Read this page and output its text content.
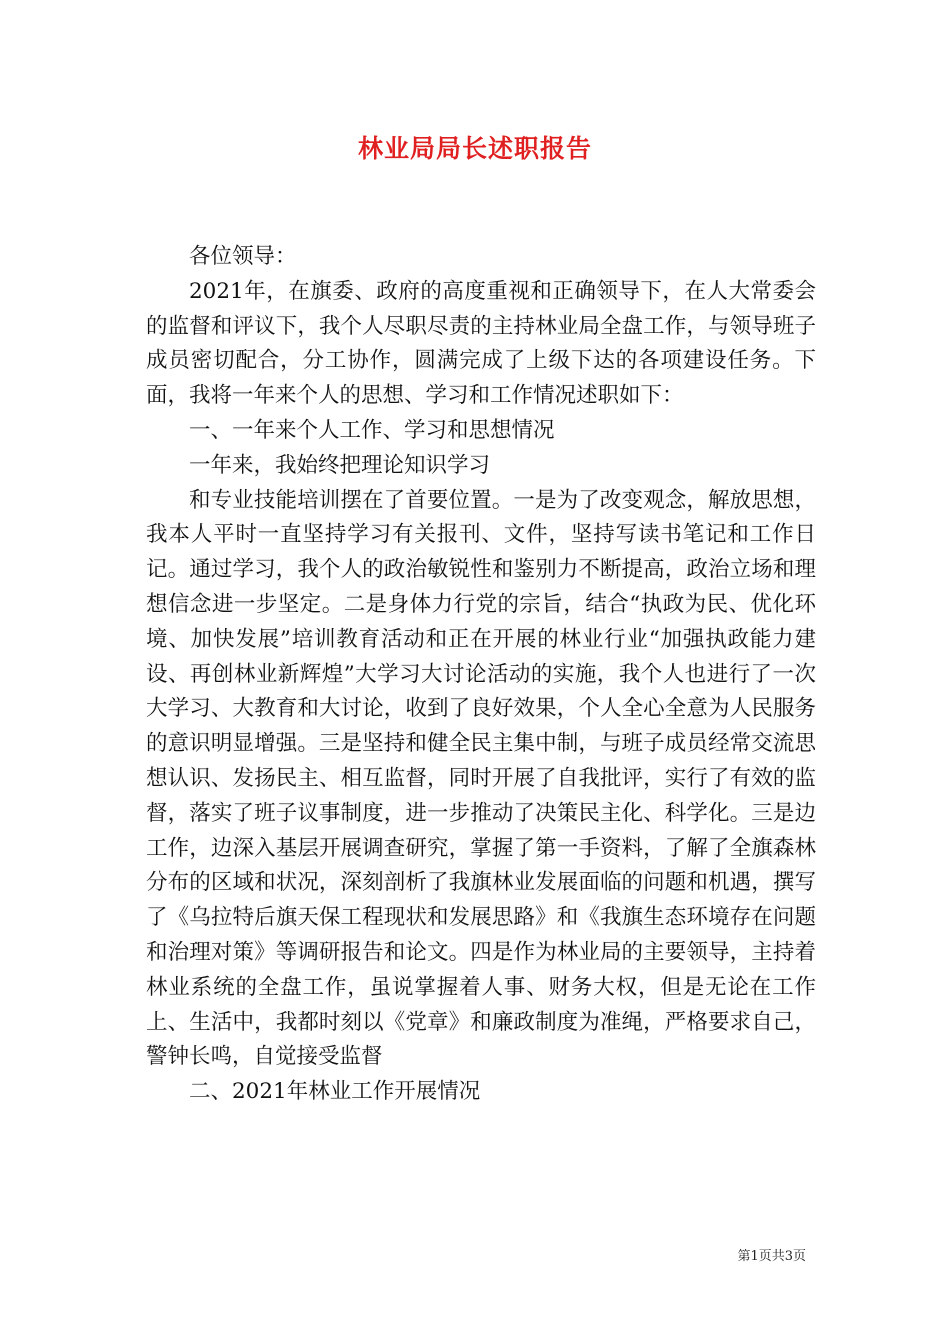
林业局局长述职报告

各位领导：

2021年，在旗委、政府的高度重视和正确领导下，在人大常委会的监督和评议下，我个人尽职尽责的主持林业局全盘工作，与领导班子成员密切配合，分工协作，圆满完成了上级下达的各项建设任务。下面，我将一年来个人的思想、学习和工作情况述职如下：

一、一年来个人工作、学习和思想情况

一年来，我始终把理论知识学习

和专业技能培训摆在了首要位置。一是为了改变观念，解放思想，我本人平时一直坚持学习有关报刊、文件，坚持写读书笔记和工作日记。通过学习，我个人的政治敏锐性和鉴别力不断提高，政治立场和理想信念进一步坚定。二是身体力行党的宗旨，结合“执政为民、优化环境、加快发展”培训教育活动和正在开展的林业行业“加强执政能力建设、再创林业新辉煌”大学习大讨论活动的实施，我个人也进行了一次大学习、大教育和大讨论，收到了良好效果，个人全心全意为人民服务的意识明显增强。三是坚持和健全民主集中制，与班子成员经常交流思想认识、发扬民主、相互监督，同时开展了自我批评，实行了有效的监督，落实了班子议事制度，进一步推动了决策民主化、科学化。三是边工作，边深入基层开展调查研究，掌握了第一手资料，了解了全旗森林分布的区域和状况，深刻剖析了我旗林业发展面临的问题和机遇，撰写了《乌拉特后旗天保工程现状和发展思路》和《我旗生态环境存在问题和治理对策》等调研报告和论文。四是作为林业局的主要领导，主持着林业系统的全盘工作，虽说掌握着人事、财务大权，但是无论在工作上、生活中，我都时刻以《党章》和廉政制度为准绳，严格要求自己，警钟长鸣，自觉接受监督

二、2021年林业工作开展情况

第1页共3页
